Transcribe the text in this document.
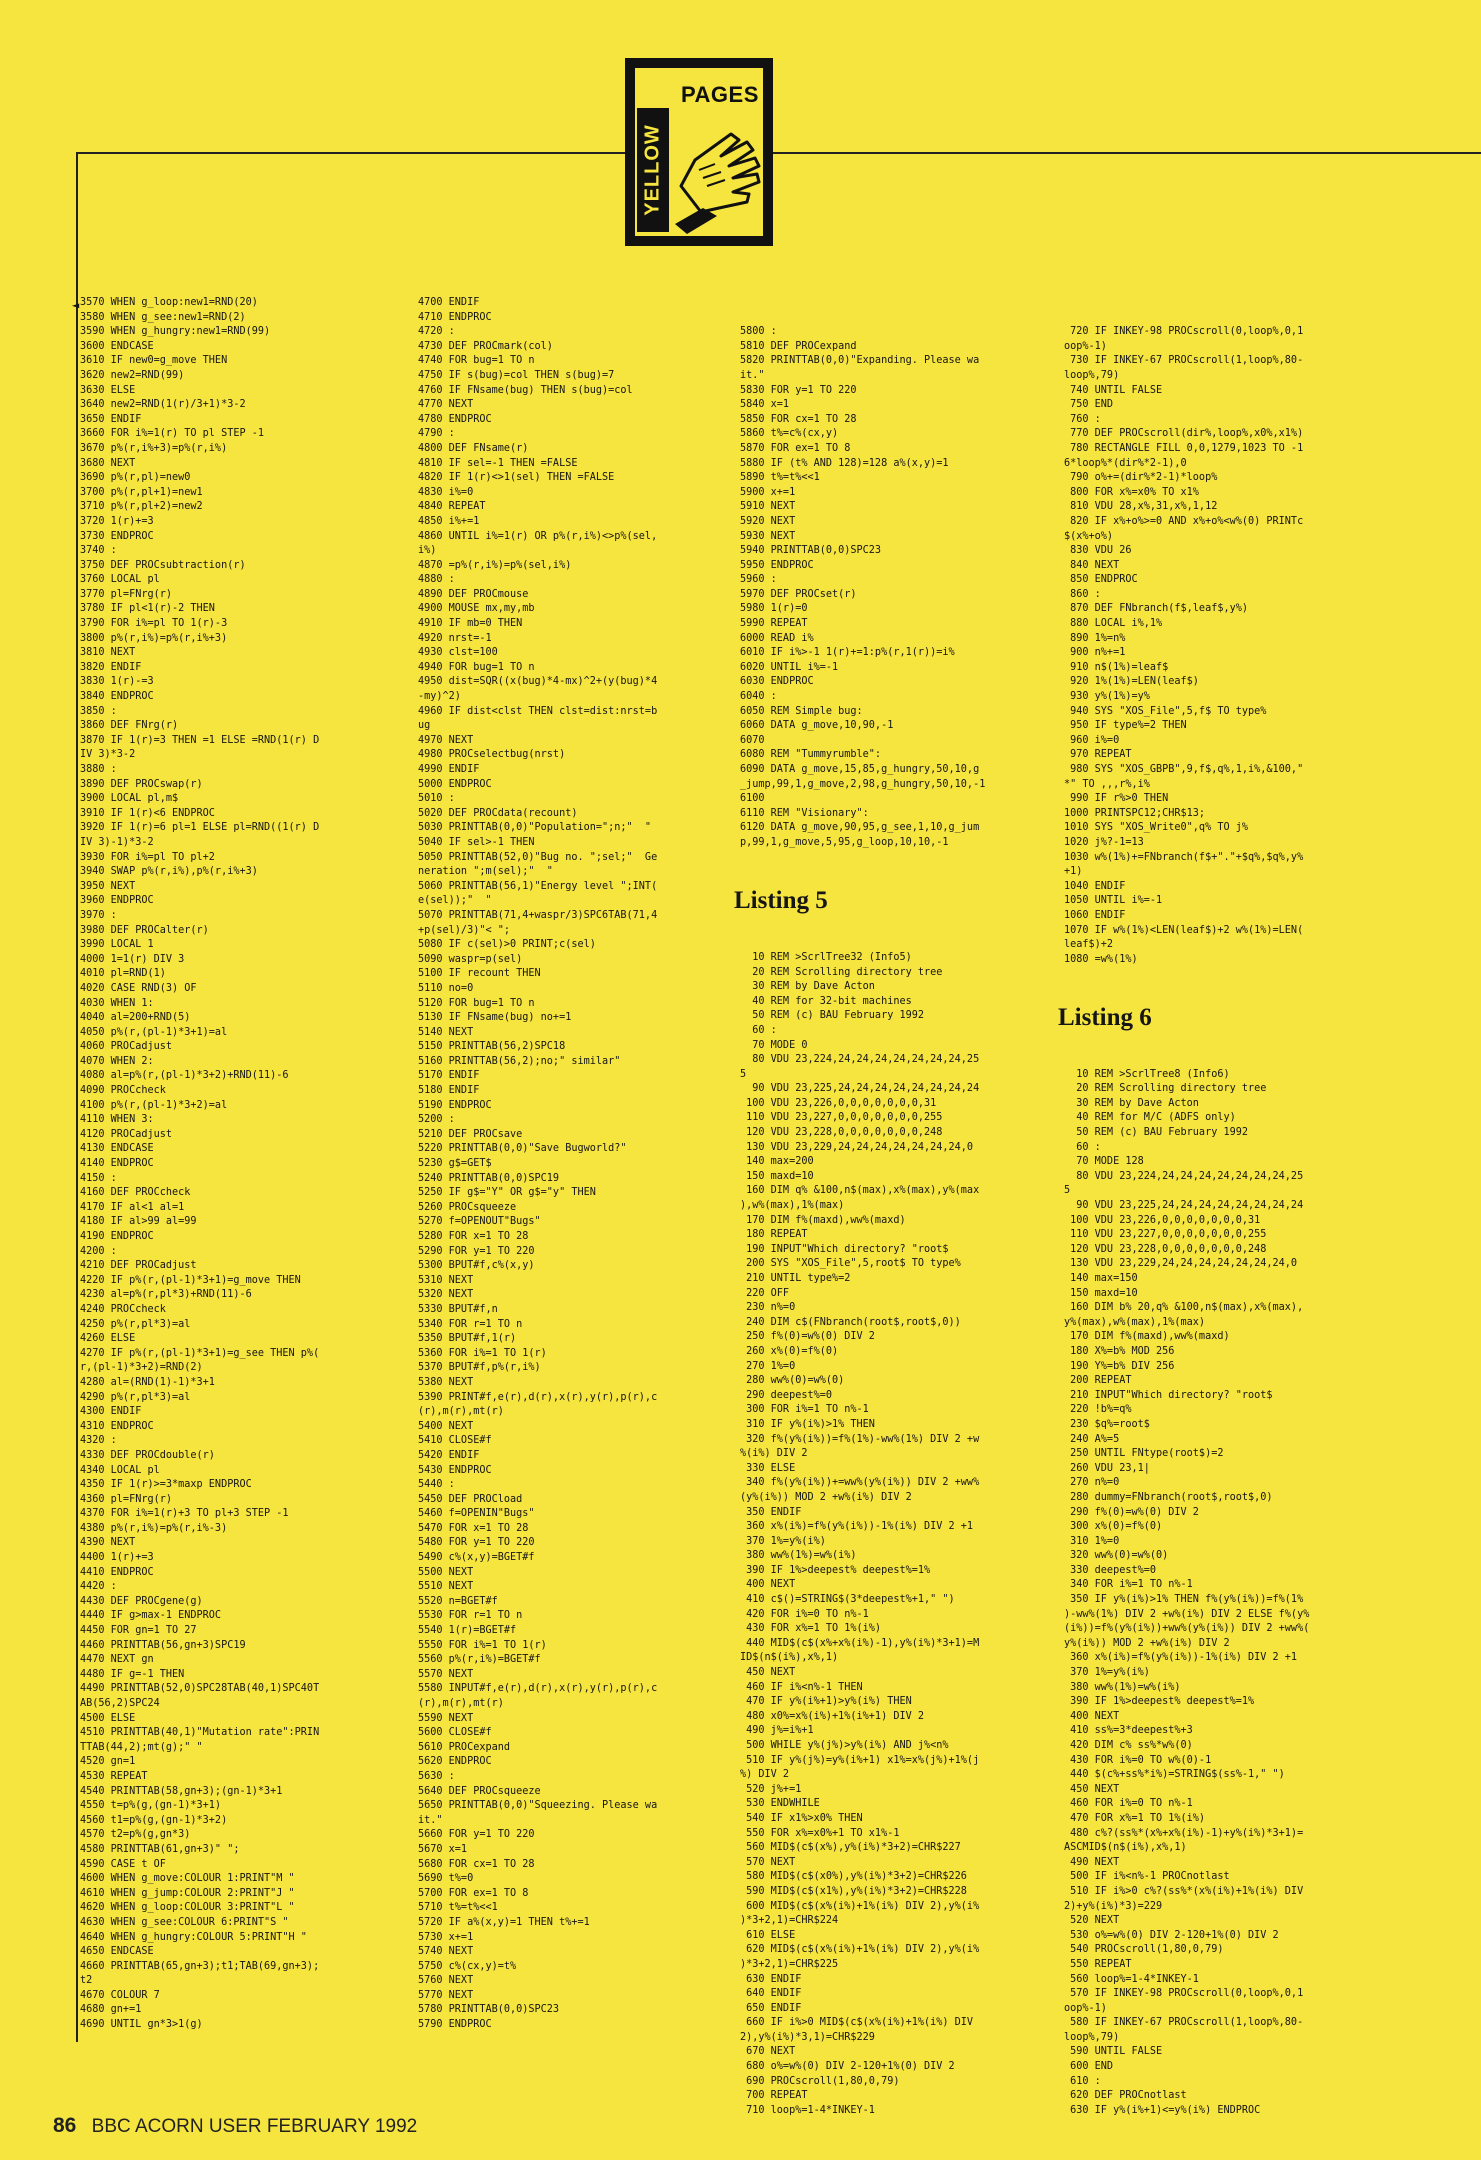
PAGES
YELLOW
◄ 3570 WHEN g_loop:new1=RND(20)
3580 WHEN g_see:new1=RND(2)
3590 WHEN g_hungry:new1=RND(99)
3600 ENDCASE
3610 IF new0=g_move THEN
3620 new2=RND(99)
3630 ELSE
3640 new2=RND(1(r)/3+1)*3-2
3650 ENDIF
3660 FOR i%=1(r) TO pl STEP -1
3670 p%(r,i%+3)=p%(r,i%)
3680 NEXT
3690 p%(r,pl)=new0
3700 p%(r,pl+1)=new1
3710 p%(r,pl+2)=new2
3720 1(r)+=3
3730 ENDPROC
3740 :
3750 DEF PROCsubtraction(r)
3760 LOCAL pl
3770 pl=FNrg(r)
3780 IF pl<1(r)-2 THEN
3790 FOR i%=pl TO 1(r)-3
3800 p%(r,i%)=p%(r,i%+3)
3810 NEXT
3820 ENDIF
3830 1(r)-=3
3840 ENDPROC
3850 :
3860 DEF FNrg(r)
3870 IF 1(r)=3 THEN =1 ELSE =RND(1(r) D
IV 3)*3-2
3880 :
3890 DEF PROCswap(r)
3900 LOCAL pl,m$
3910 IF 1(r)<6 ENDPROC
3920 IF 1(r)=6 pl=1 ELSE pl=RND((1(r) D
IV 3)-1)*3-2
3930 FOR i%=pl TO pl+2
3940 SWAP p%(r,i%),p%(r,i%+3)
3950 NEXT
3960 ENDPROC
3970 :
3980 DEF PROCalter(r)
3990 LOCAL 1
4000 1=1(r) DIV 3
4010 pl=RND(1)
4020 CASE RND(3) OF
4030 WHEN 1:
4040 al=200+RND(5)
4050 p%(r,(pl-1)*3+1)=al
4060 PROCadjust
4070 WHEN 2:
4080 al=p%(r,(pl-1)*3+2)+RND(11)-6
4090 PROCcheck
4100 p%(r,(pl-1)*3+2)=al
4110 WHEN 3:
4120 PROCadjust
4130 ENDCASE
4140 ENDPROC
4150 :
4160 DEF PROCcheck
4170 IF al<1 al=1
4180 IF al>99 al=99
4190 ENDPROC
4200 :
4210 DEF PROCadjust
4220 IF p%(r,(pl-1)*3+1)=g_move THEN
4230 al=p%(r,pl*3)+RND(11)-6
4240 PROCcheck
4250 p%(r,pl*3)=al
4260 ELSE
4270 IF p%(r,(pl-1)*3+1)=g_see THEN p%(
r,(pl-1)*3+2)=RND(2)
4280 al=(RND(1)-1)*3+1
4290 p%(r,pl*3)=al
4300 ENDIF
4310 ENDPROC
4320 :
4330 DEF PROCdouble(r)
4340 LOCAL pl
4350 IF 1(r)>=3*maxp ENDPROC
4360 pl=FNrg(r)
4370 FOR i%=1(r)+3 TO pl+3 STEP -1
4380 p%(r,i%)=p%(r,i%-3)
4390 NEXT
4400 1(r)+=3
4410 ENDPROC
4420 :
4430 DEF PROCgene(g)
4440 IF g>max-1 ENDPROC
4450 FOR gn=1 TO 27
4460 PRINTTAB(56,gn+3)SPC19
4470 NEXT gn
4480 IF g=-1 THEN
4490 PRINTTAB(52,0)SPC28TAB(40,1)SPC40T
AB(56,2)SPC24
4500 ELSE
4510 PRINTTAB(40,1)"Mutation rate":PRIN
TTAB(44,2);mt(g);" "
4520 gn=1
4530 REPEAT
4540 PRINTTAB(58,gn+3);(gn-1)*3+1
4550 t=p%(g,(gn-1)*3+1)
4560 t1=p%(g,(gn-1)*3+2)
4570 t2=p%(g,gn*3)
4580 PRINTTAB(61,gn+3)" ";
4590 CASE t OF
4600 WHEN g_move:COLOUR 1:PRINT"M "
4610 WHEN g_jump:COLOUR 2:PRINT"J "
4620 WHEN g_loop:COLOUR 3:PRINT"L "
4630 WHEN g_see:COLOUR 6:PRINT"S "
4640 WHEN g_hungry:COLOUR 5:PRINT"H "
4650 ENDCASE
4660 PRINTTAB(65,gn+3);t1;TAB(69,gn+3);
t2
4670 COLOUR 7
4680 gn+=1
4690 UNTIL gn*3>1(g)
4700 ENDIF
4710 ENDPROC
4720 :
4730 DEF PROCmark(col)
4740 FOR bug=1 TO n
4750 IF s(bug)=col THEN s(bug)=7
4760 IF FNsame(bug) THEN s(bug)=col
4770 NEXT
4780 ENDPROC
4790 :
4800 DEF FNsame(r)
4810 IF sel=-1 THEN =FALSE
4820 IF 1(r)<>1(sel) THEN =FALSE
4830 i%=0
4840 REPEAT
4850 i%+=1
4860 UNTIL i%=1(r) OR p%(r,i%)<>p%(sel,
i%)
4870 =p%(r,i%)=p%(sel,i%)
4880 :
4890 DEF PROCmouse
4900 MOUSE mx,my,mb
4910 IF mb=0 THEN
4920 nrst=-1
4930 clst=100
4940 FOR bug=1 TO n
4950 dist=SQR((x(bug)*4-mx)^2+(y(bug)*4
-my)^2)
4960 IF dist<clst THEN clst=dist:nrst=b
ug
4970 NEXT
4980 PROCselectbug(nrst)
4990 ENDIF
5000 ENDPROC
5010 :
5020 DEF PROCdata(recount)
5030 PRINTTAB(0,0)"Population=";n;"  "
5040 IF sel>-1 THEN
5050 PRINTTAB(52,0)"Bug no. ";sel;"  Ge
neration ";m(sel);"  "
5060 PRINTTAB(56,1)"Energy level ";INT(
e(sel));"  "
5070 PRINTTAB(71,4+waspr/3)SPC6TAB(71,4
+p(sel)/3)"< ";
5080 IF c(sel)>0 PRINT;c(sel)
5090 waspr=p(sel)
5100 IF recount THEN
5110 no=0
5120 FOR bug=1 TO n
5130 IF FNsame(bug) no+=1
5140 NEXT
5150 PRINTTAB(56,2)SPC18
5160 PRINTTAB(56,2);no;" similar"
5170 ENDIF
5180 ENDIF
5190 ENDPROC
5200 :
5210 DEF PROCsave
5220 PRINTTAB(0,0)"Save Bugworld?"
5230 g$=GET$
5240 PRINTTAB(0,0)SPC19
5250 IF g$="Y" OR g$="y" THEN
5260 PROCsqueeze
5270 f=OPENOUT"Bugs"
5280 FOR x=1 TO 28
5290 FOR y=1 TO 220
5300 BPUT#f,c%(x,y)
5310 NEXT
5320 NEXT
5330 BPUT#f,n
5340 FOR r=1 TO n
5350 BPUT#f,1(r)
5360 FOR i%=1 TO 1(r)
5370 BPUT#f,p%(r,i%)
5380 NEXT
5390 PRINT#f,e(r),d(r),x(r),y(r),p(r),c
(r),m(r),mt(r)
5400 NEXT
5410 CLOSE#f
5420 ENDIF
5430 ENDPROC
5440 :
5450 DEF PROCload
5460 f=OPENIN"Bugs"
5470 FOR x=1 TO 28
5480 FOR y=1 TO 220
5490 c%(x,y)=BGET#f
5500 NEXT
5510 NEXT
5520 n=BGET#f
5530 FOR r=1 TO n
5540 1(r)=BGET#f
5550 FOR i%=1 TO 1(r)
5560 p%(r,i%)=BGET#f
5570 NEXT
5580 INPUT#f,e(r),d(r),x(r),y(r),p(r),c
(r),m(r),mt(r)
5590 NEXT
5600 CLOSE#f
5610 PROCexpand
5620 ENDPROC
5630 :
5640 DEF PROCsqueeze
5650 PRINTTAB(0,0)"Squeezing. Please wa
it."
5660 FOR y=1 TO 220
5670 x=1
5680 FOR cx=1 TO 28
5690 t%=0
5700 FOR ex=1 TO 8
5710 t%=t%<<1
5720 IF a%(x,y)=1 THEN t%+=1
5730 x+=1
5740 NEXT
5750 c%(cx,y)=t%
5760 NEXT
5770 NEXT
5780 PRINTTAB(0,0)SPC23
5790 ENDPROC

5800 :
5810 DEF PROCexpand
5820 PRINTTAB(0,0)"Expanding. Please wa
it."
5830 FOR y=1 TO 220
5840 x=1
5850 FOR cx=1 TO 28
5860 t%=c%(cx,y)
5870 FOR ex=1 TO 8
5880 IF (t% AND 128)=128 a%(x,y)=1
5890 t%=t%<<1
5900 x+=1
5910 NEXT
5920 NEXT
5930 NEXT
5940 PRINTTAB(0,0)SPC23
5950 ENDPROC
5960 :
5970 DEF PROCset(r)
5980 1(r)=0
5990 REPEAT
6000 READ i%
6010 IF i%>-1 1(r)+=1:p%(r,1(r))=i%
6020 UNTIL i%=-1
6030 ENDPROC
6040 :
6050 REM Simple bug:
6060 DATA g_move,10,90,-1
6070
6080 REM "Tummyrumble":
6090 DATA g_move,15,85,g_hungry,50,10,g
_jump,99,1,g_move,2,98,g_hungry,50,10,-1
6100
6110 REM "Visionary":
6120 DATA g_move,90,95,g_see,1,10,g_jum
p,99,1,g_move,5,95,g_loop,10,10,-1

Listing 5

10 REM >ScrlTree32 (Info5)
20 REM Scrolling directory tree
30 REM by Dave Acton
40 REM for 32-bit machines
50 REM (c) BAU February 1992
60 :
70 MODE 0
80 VDU 23,224,24,24,24,24,24,24,24,25
5
90 VDU 23,225,24,24,24,24,24,24,24,24
100 VDU 23,226,0,0,0,0,0,0,0,31
110 VDU 23,227,0,0,0,0,0,0,0,255
120 VDU 23,228,0,0,0,0,0,0,0,248
130 VDU 23,229,24,24,24,24,24,24,24,0
140 max=200
150 maxd=10
160 DIM q% &100,n$(max),x%(max),y%(max
),w%(max),1%(max)
170 DIM f%(maxd),ww%(maxd)
180 REPEAT
190 INPUT"Which directory? "root$
200 SYS "XOS_File",5,root$ TO type%
210 UNTIL type%=2
220 OFF
230 n%=0
240 DIM c$(FNbranch(root$,root$,0))
250 f%(0)=w%(0) DIV 2
260 x%(0)=f%(0)
270 1%=0
280 ww%(0)=w%(0)
290 deepest%=0
300 FOR i%=1 TO n%-1
310 IF y%(i%)>1% THEN
320 f%(y%(i%))=f%(1%)-ww%(1%) DIV 2 +w
%(i%) DIV 2
330 ELSE
340 f%(y%(i%))+=ww%(y%(i%)) DIV 2 +ww%
(y%(i%)) MOD 2 +w%(i%) DIV 2
350 ENDIF
360 x%(i%)=f%(y%(i%))-1%(i%) DIV 2 +1
370 1%=y%(i%)
380 ww%(1%)=w%(i%)
390 IF 1%>deepest% deepest%=1%
400 NEXT
410 c$()=STRING$(3*deepest%+1," ")
420 FOR i%=0 TO n%-1
430 FOR x%=1 TO 1%(i%)
440 MID$(c$(x%+x%(i%)-1),y%(i%)*3+1)=M
ID$(n$(i%),x%,1)
450 NEXT
460 IF i%<n%-1 THEN
470 IF y%(i%+1)>y%(i%) THEN
480 x0%=x%(i%)+1%(i%+1) DIV 2
490 j%=i%+1
500 WHILE y%(j%)>y%(i%) AND j%<n%
510 IF y%(j%)=y%(i%+1) x1%=x%(j%)+1%(j
%) DIV 2
520 j%+=1
530 ENDWHILE
540 IF x1%>x0% THEN
550 FOR x%=x0%+1 TO x1%-1
560 MID$(c$(x%),y%(i%)*3+2)=CHR$227
570 NEXT
580 MID$(c$(x0%),y%(i%)*3+2)=CHR$226
590 MID$(c$(x1%),y%(i%)*3+2)=CHR$228
600 MID$(c$(x%(i%)+1%(i%) DIV 2),y%(i%
)*3+2,1)=CHR$224
610 ELSE
620 MID$(c$(x%(i%)+1%(i%) DIV 2),y%(i%
)*3+2,1)=CHR$225
630 ENDIF
640 ENDIF
650 ENDIF
660 IF i%>0 MID$(c$(x%(i%)+1%(i%) DIV
2),y%(i%)*3,1)=CHR$229
670 NEXT
680 o%=w%(0) DIV 2-120+1%(0) DIV 2
690 PROCscroll(1,80,0,79)
700 REPEAT
710 loop%=1-4*INKEY-1

720 IF INKEY-98 PROCscroll(0,loop%,0,1
oop%-1)
730 IF INKEY-67 PROCscroll(1,loop%,80-
loop%,79)
740 UNTIL FALSE
750 END
760 :
770 DEF PROCscroll(dir%,loop%,x0%,x1%)
780 RECTANGLE FILL 0,0,1279,1023 TO -1
6*loop%*(dir%*2-1),0
790 o%+=(dir%*2-1)*loop%
800 FOR x%=x0% TO x1%
810 VDU 28,x%,31,x%,1,12
820 IF x%+o%>=0 AND x%+o%<w%(0) PRINTc
$(x%+o%)
830 VDU 26
840 NEXT
850 ENDPROC
860 :
870 DEF FNbranch(f$,leaf$,y%)
880 LOCAL i%,1%
890 1%=n%
900 n%+=1
910 n$(1%)=leaf$
920 1%(1%)=LEN(leaf$)
930 y%(1%)=y%
940 SYS "XOS_File",5,f$ TO type%
950 IF type%=2 THEN
960 i%=0
970 REPEAT
980 SYS "XOS_GBPB",9,f$,q%,1,i%,&100,"
*" TO ,,,r%,i%
990 IF r%>0 THEN
1000 PRINTSPC12;CHR$13;
1010 SYS "XOS_Write0",q% TO j%
1020 j%?-1=13
1030 w%(1%)+=FNbranch(f$+"."+$q%,$q%,y%
+1)
1040 ENDIF
1050 UNTIL i%=-1
1060 ENDIF
1070 IF w%(1%)<LEN(leaf$)+2 w%(1%)=LEN(
leaf$)+2
1080 =w%(1%)

Listing 6

10 REM >ScrlTree8 (Info6)
20 REM Scrolling directory tree
30 REM by Dave Acton
40 REM for M/C (ADFS only)
50 REM (c) BAU February 1992
60 :
70 MODE 128
80 VDU 23,224,24,24,24,24,24,24,24,25
5
90 VDU 23,225,24,24,24,24,24,24,24,24
100 VDU 23,226,0,0,0,0,0,0,0,31
110 VDU 23,227,0,0,0,0,0,0,0,255
120 VDU 23,228,0,0,0,0,0,0,0,248
130 VDU 23,229,24,24,24,24,24,24,24,0
140 max=150
150 maxd=10
160 DIM b% 20,q% &100,n$(max),x%(max),
y%(max),w%(max),1%(max)
170 DIM f%(maxd),ww%(maxd)
180 X%=b% MOD 256
190 Y%=b% DIV 256
200 REPEAT
210 INPUT"Which directory? "root$
220 !b%=q%
230 $q%=root$
240 A%=5
250 UNTIL FNtype(root$)=2
260 VDU 23,1|
270 n%=0
280 dummy=FNbranch(root$,root$,0)
290 f%(0)=w%(0) DIV 2
300 x%(0)=f%(0)
310 1%=0
320 ww%(0)=w%(0)
330 deepest%=0
340 FOR i%=1 TO n%-1
350 IF y%(i%)>1% THEN f%(y%(i%))=f%(1%
)-ww%(1%) DIV 2 +w%(i%) DIV 2 ELSE f%(y%
(i%))=f%(y%(i%))+ww%(y%(i%)) DIV 2 +ww%(
y%(i%)) MOD 2 +w%(i%) DIV 2
360 x%(i%)=f%(y%(i%))-1%(i%) DIV 2 +1
370 1%=y%(i%)
380 ww%(1%)=w%(i%)
390 IF 1%>deepest% deepest%=1%
400 NEXT
410 ss%=3*deepest%+3
420 DIM c% ss%*w%(0)
430 FOR i%=0 TO w%(0)-1
440 $(c%+ss%*i%)=STRING$(ss%-1," ")
450 NEXT
460 FOR i%=0 TO n%-1
470 FOR x%=1 TO 1%(i%)
480 c%?(ss%*(x%+x%(i%)-1)+y%(i%)*3+1)=
ASCMID$(n$(i%),x%,1)
490 NEXT
500 IF i%<n%-1 PROCnotlast
510 IF i%>0 c%?(ss%*(x%(i%)+1%(i%) DIV
2)+y%(i%)*3)=229
520 NEXT
530 o%=w%(0) DIV 2-120+1%(0) DIV 2
540 PROCscroll(1,80,0,79)
550 REPEAT
560 loop%=1-4*INKEY-1
570 IF INKEY-98 PROCscroll(0,loop%,0,1
oop%-1)
580 IF INKEY-67 PROCscroll(1,loop%,80-
loop%,79)
590 UNTIL FALSE
600 END
610 :
620 DEF PROCnotlast
630 IF y%(i%+1)<=y%(i%) ENDPROC

86 BBC ACORN USER FEBRUARY 1992
